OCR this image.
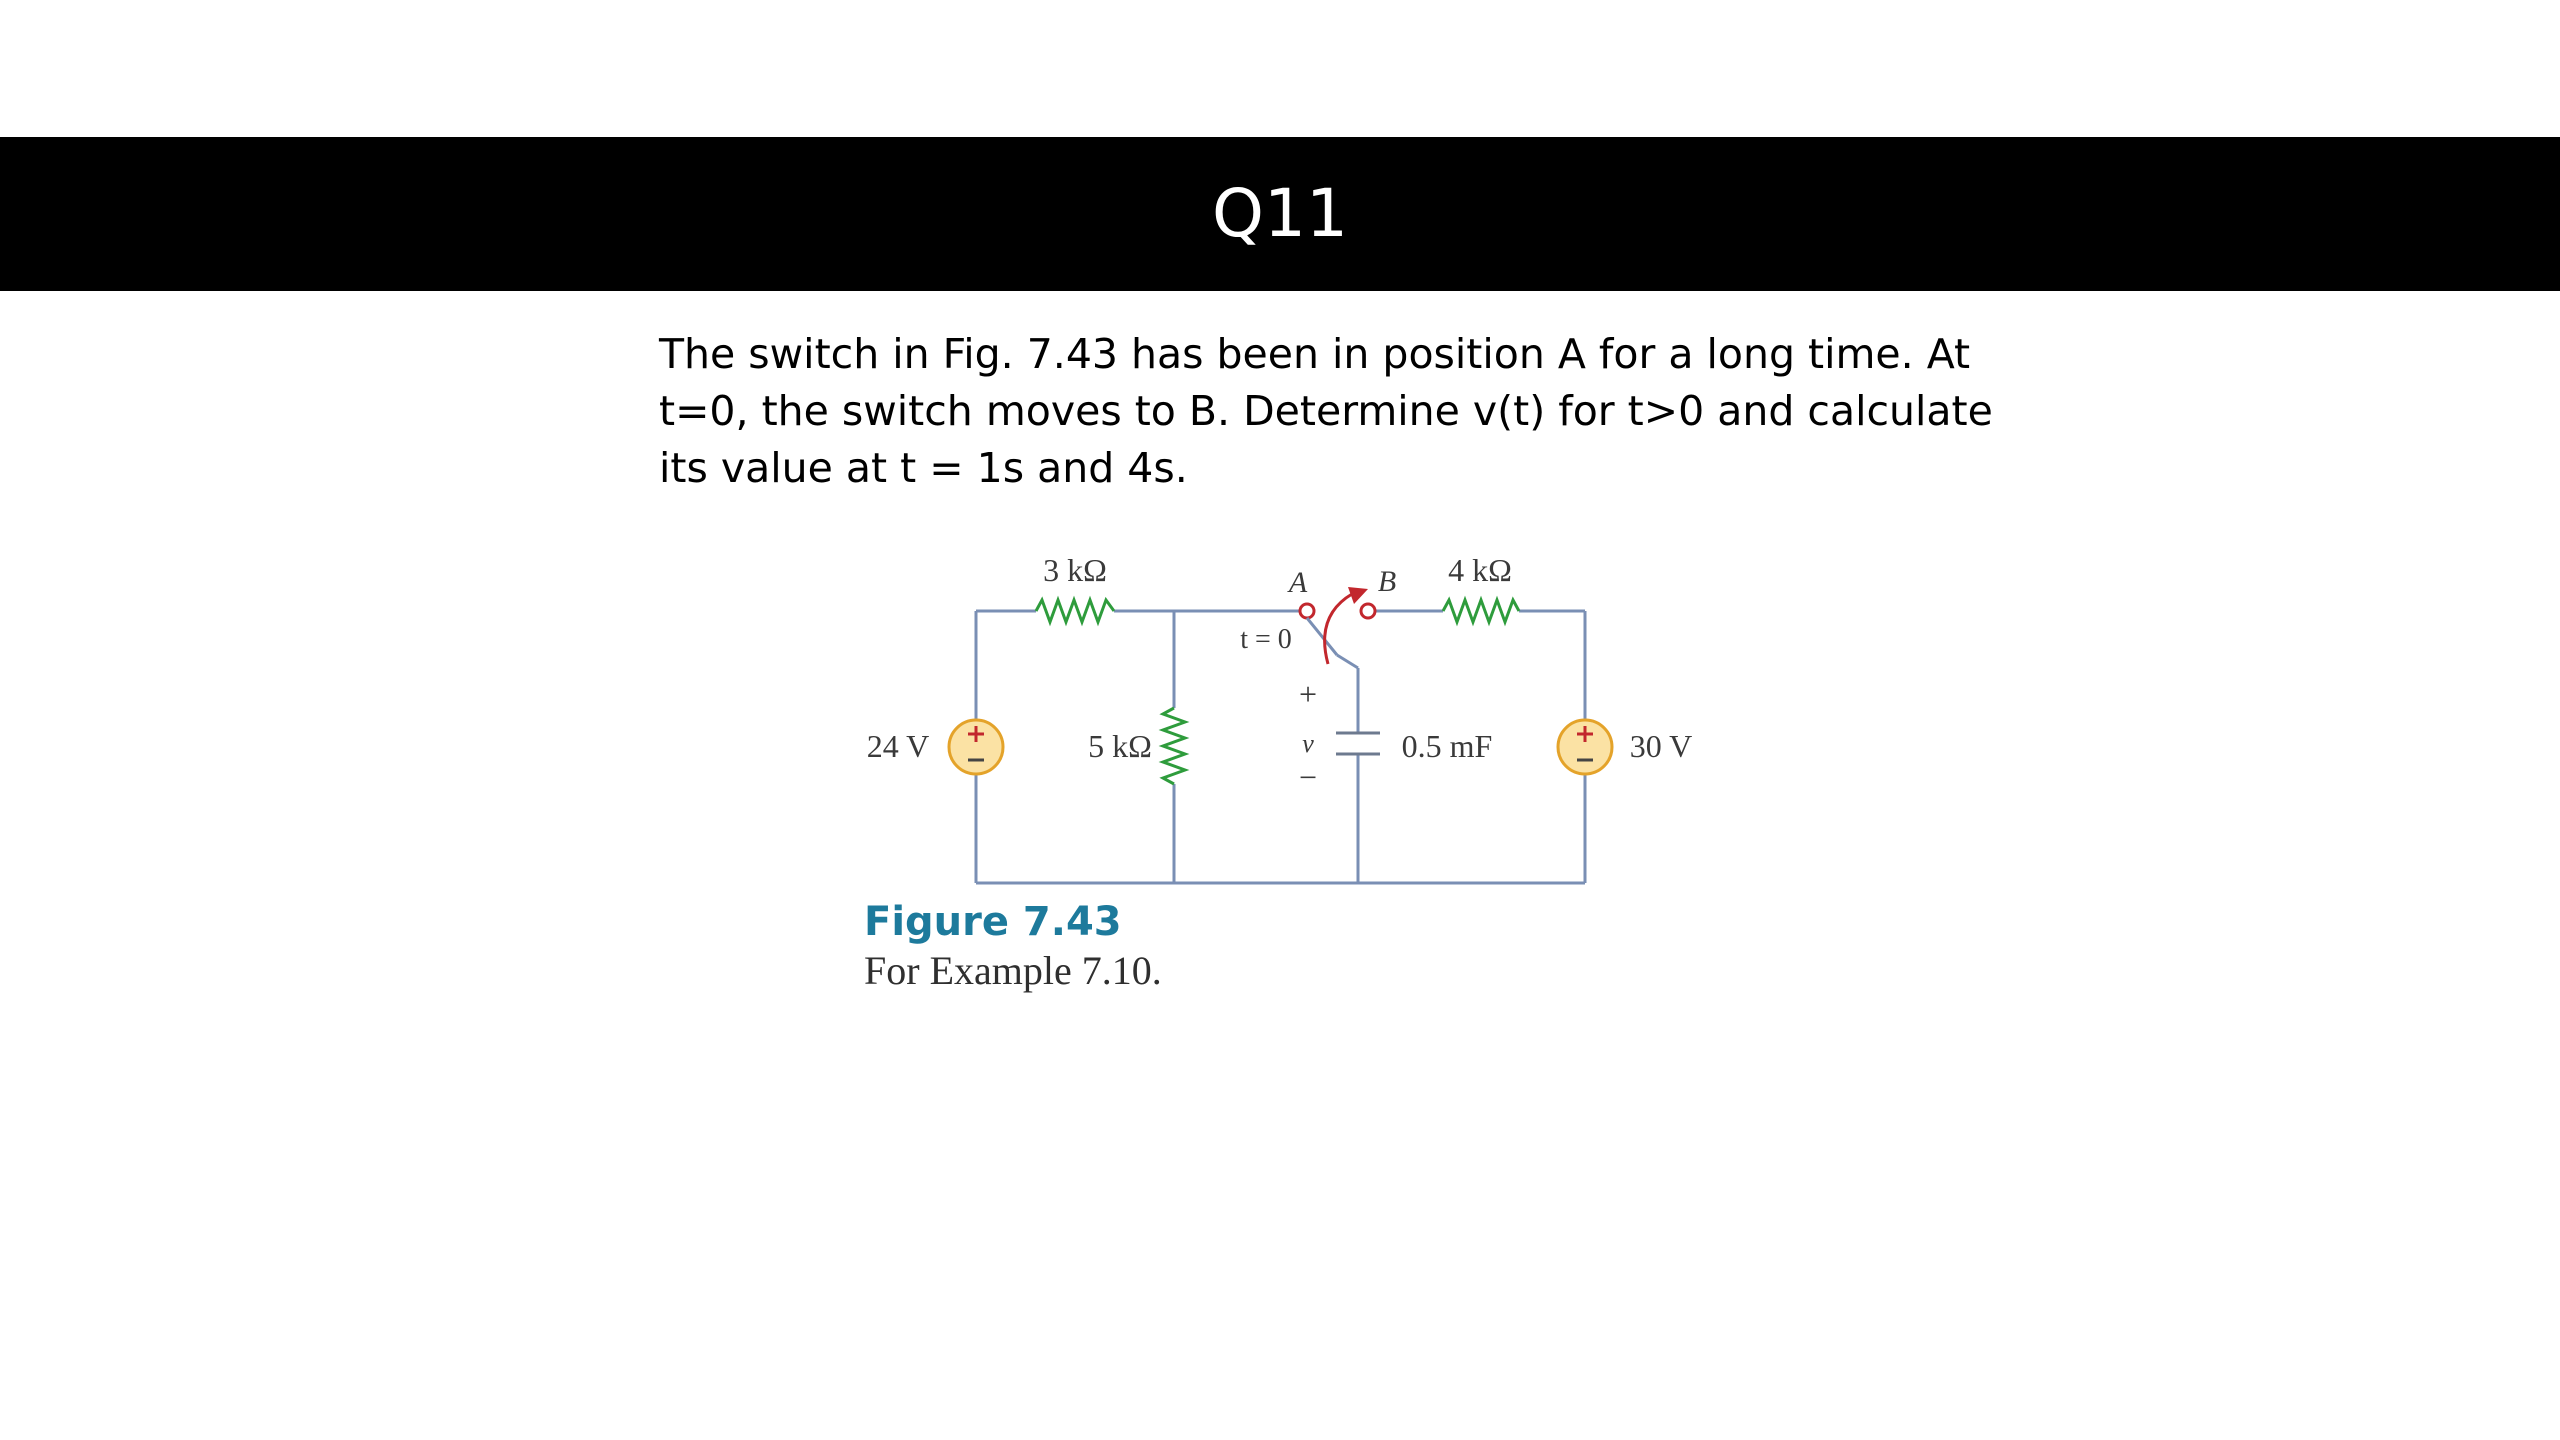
Q11
The switch in Fig. 7.43 has been in position A for a long time. At
t=0, the switch moves to B. Determine v(t) for t>0 and calculate
its value at t = 1s and 4s.
3 kΩ	4 kΩ
5 kΩ
24 V	30 V
0.5 mF
A B
t = 0
+
v
−
Figure 7.43
For Example 7.10.
